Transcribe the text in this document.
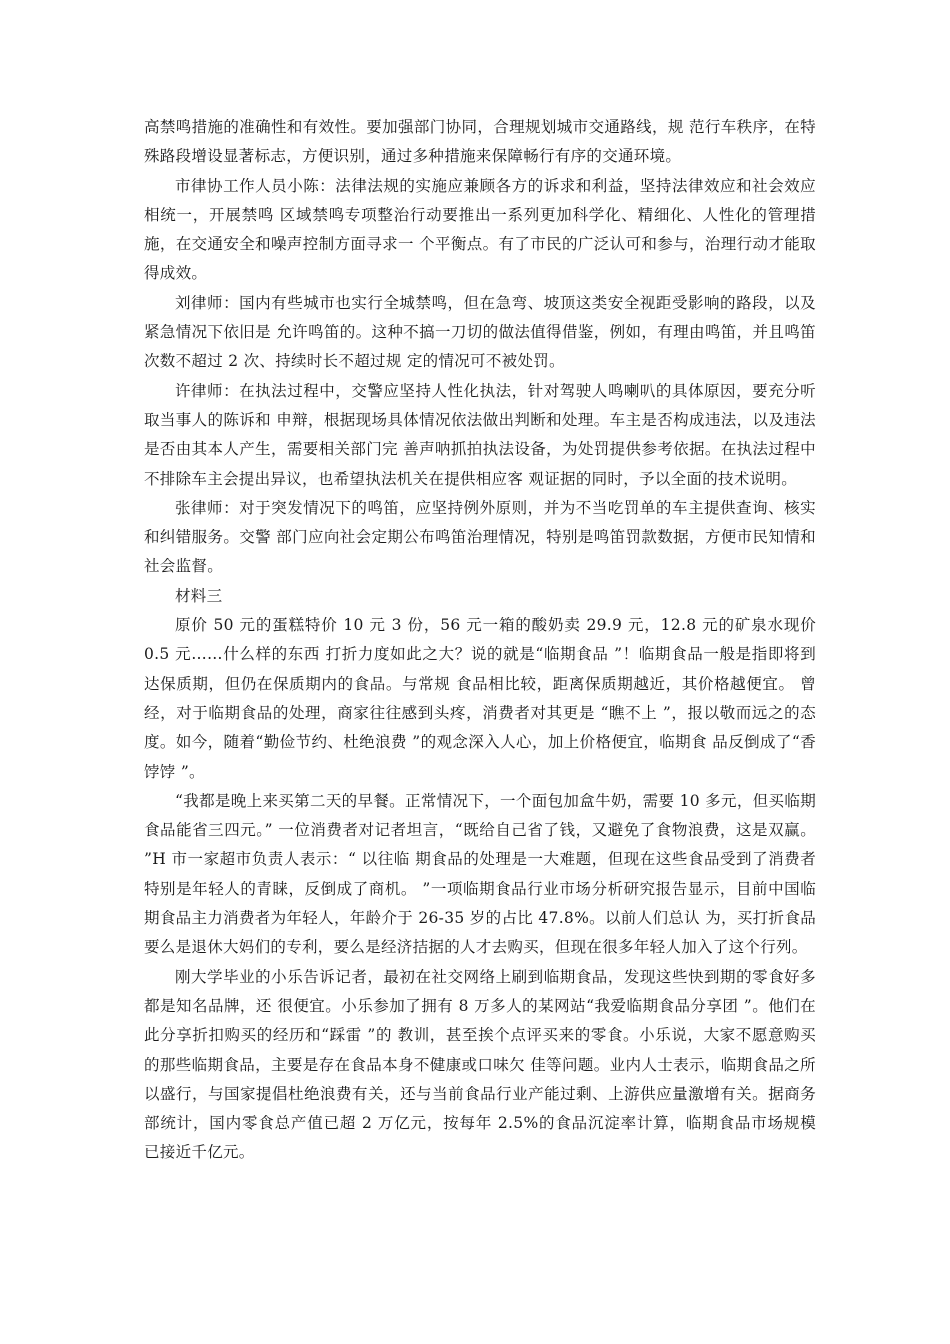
高禁鸣措施的准确性和有效性。要加强部门协同，合理规划城市交通路线，规 范行车秩序，在特殊路段增设显著标志，方便识别，通过多种措施来保障畅行有序的交通环境。

市律协工作人员小陈：法律法规的实施应兼顾各方的诉求和利益，坚持法律效应和社会效应相统一，开展禁鸣 区域禁鸣专项整治行动要推出一系列更加科学化、精细化、人性化的管理措施，在交通安全和噪声控制方面寻求一 个平衡点。有了市民的广泛认可和参与，治理行动才能取得成效。

刘律师：国内有些城市也实行全城禁鸣，但在急弯、坡顶这类安全视距受影响的路段，以及紧急情况下依旧是 允许鸣笛的。这种不搞一刀切的做法值得借鉴，例如，有理由鸣笛，并且鸣笛次数不超过 2 次、持续时长不超过规 定的情况可不被处罚。

许律师：在执法过程中，交警应坚持人性化执法，针对驾驶人鸣喇叭的具体原因，要充分听取当事人的陈诉和 申辩，根据现场具体情况依法做出判断和处理。车主是否构成违法，以及违法是否由其本人产生，需要相关部门完 善声呐抓拍执法设备，为处罚提供参考依据。在执法过程中不排除车主会提出异议，也希望执法机关在提供相应客 观证据的同时，予以全面的技术说明。

张律师：对于突发情况下的鸣笛，应坚持例外原则，并为不当吃罚单的车主提供查询、核实和纠错服务。交警 部门应向社会定期公布鸣笛治理情况，特别是鸣笛罚款数据，方便市民知情和社会监督。

材料三

原价 50 元的蛋糕特价 10 元 3 份，56 元一箱的酸奶卖 29.9 元，12.8 元的矿泉水现价 0.5 元……什么样的东西 打折力度如此之大？说的就是“临期食品 ”！临期食品一般是指即将到达保质期，但仍在保质期内的食品。与常规 食品相比较，距离保质期越近，其价格越便宜。 曾经，对于临期食品的处理，商家往往感到头疼，消费者对其更是 “瞧不上 ”，报以敬而远之的态度。如今，随着“勤俭节约、杜绝浪费 ”的观念深入人心，加上价格便宜，临期食 品反倒成了“香饽饽 ”。

“我都是晚上来买第二天的早餐。正常情况下，一个面包加盒牛奶，需要 10 多元，但买临期食品能省三四元。” 一位消费者对记者坦言，“既给自己省了钱，又避免了食物浪费，这是双赢。 ”H 市一家超市负责人表示：“ 以往临 期食品的处理是一大难题，但现在这些食品受到了消费者特别是年轻人的青睐，反倒成了商机。 ”一项临期食品行业市场分析研究报告显示，目前中国临期食品主力消费者为年轻人，年龄介于 26-35 岁的占比 47.8%。以前人们总认 为，买打折食品要么是退休大妈们的专利，要么是经济拮据的人才去购买，但现在很多年轻人加入了这个行列。

刚大学毕业的小乐告诉记者，最初在社交网络上刷到临期食品，发现这些快到期的零食好多都是知名品牌，还 很便宜。小乐参加了拥有 8 万多人的某网站“我爱临期食品分享团 ”。他们在此分享折扣购买的经历和“踩雷 ”的 教训，甚至挨个点评买来的零食。小乐说，大家不愿意购买的那些临期食品，主要是存在食品本身不健康或口味欠 佳等问题。业内人士表示，临期食品之所以盛行，与国家提倡杜绝浪费有关，还与当前食品行业产能过剩、上游供应量激增有关。据商务部统计，国内零食总产值已超 2 万亿元，按每年 2.5%的食品沉淀率计算，临期食品市场规模 已接近千亿元。
